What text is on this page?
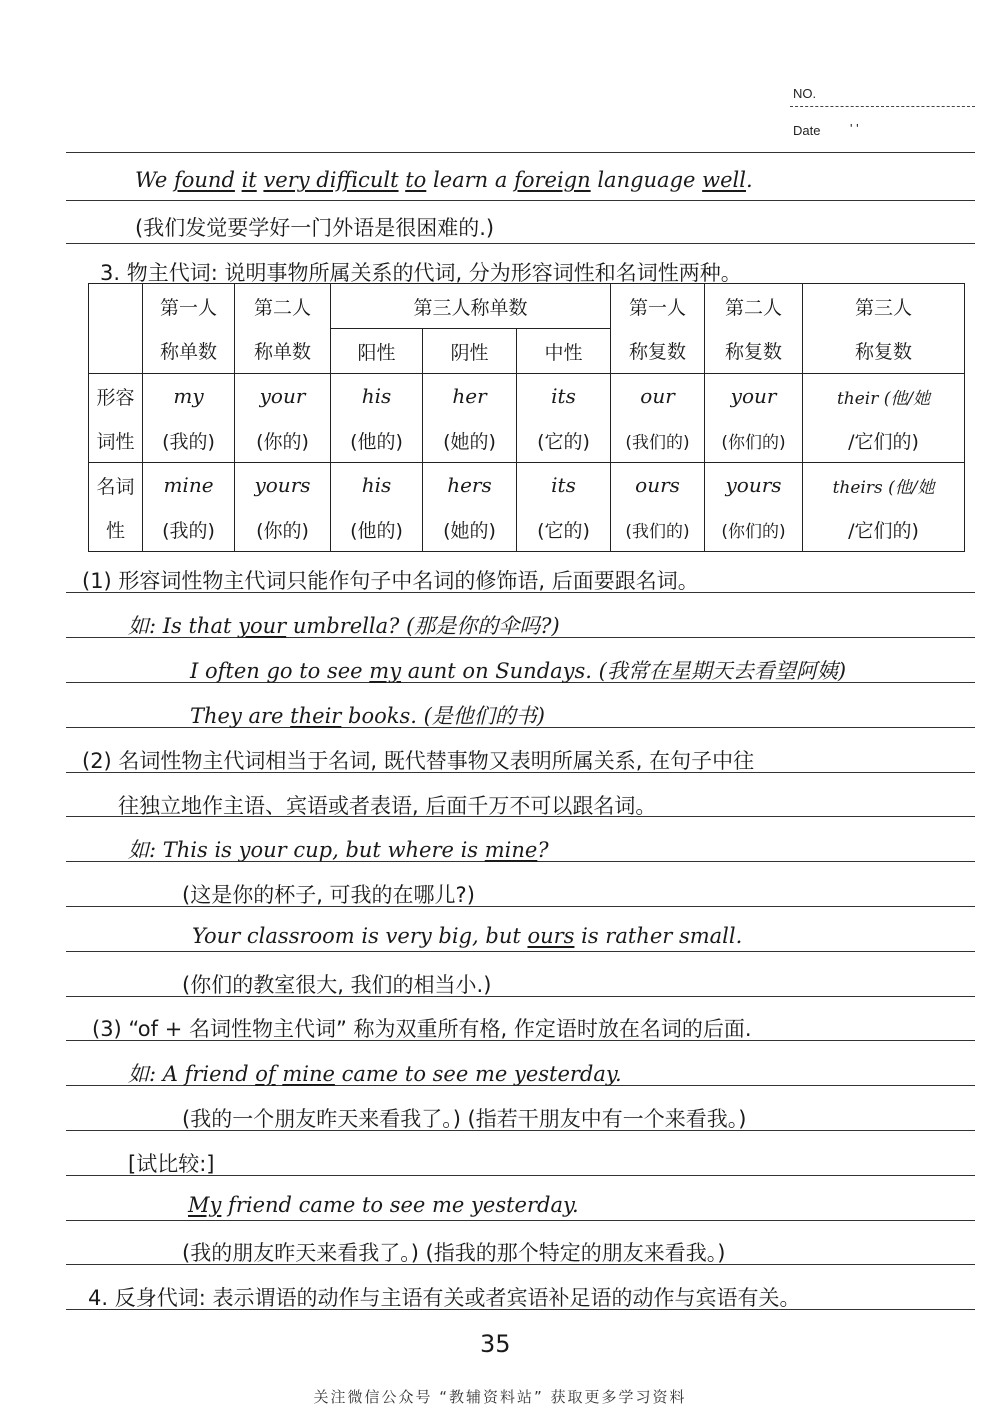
NO.
Date ' '
We found it very difficult to learn a foreign language well.
(我们发觉要学好一门外语是很困难的.)
3. 物主代词: 说明事物所属关系的代词, 分为形容词性和名词性两种。
	第一人	第二人	第三人称单数			第一人	第二人	第三人
	称单数	称单数	阳性	阴性	中性	称复数	称复数	称复数
形容	my	your	his	her	its	our	your	their (他/她
词性	(我的)	(你的)	(他的)	(她的)	(它的)	(我们的)	(你们的)	/它们的)
名词	mine	yours	his	hers	its	ours	yours	theirs (他/她
性	(我的)	(你的)	(他的)	(她的)	(它的)	(我们的)	(你们的)	/它们的)
(1) 形容词性物主代词只能作句子中名词的修饰语, 后面要跟名词。
如: Is that your umbrella? (那是你的伞吗?)
I often go to see my aunt on Sundays. (我常在星期天去看望阿姨)
They are their books. (是他们的书)
(2) 名词性物主代词相当于名词, 既代替事物又表明所属关系, 在句子中往
往独立地作主语、宾语或者表语, 后面千万不可以跟名词。
如: This is your cup, but where is mine?
(这是你的杯子, 可我的在哪儿?)
Your classroom is very big, but ours is rather small.
(你们的教室很大, 我们的相当小.)
(3) “of + 名词性物主代词” 称为双重所有格, 作定语时放在名词的后面.
如: A friend of mine came to see me yesterday.
(我的一个朋友昨天来看我了。) (指若干朋友中有一个来看我。)
[试比较:]
My friend came to see me yesterday.
(我的朋友昨天来看我了。) (指我的那个特定的朋友来看我。)
4. 反身代词: 表示谓语的动作与主语有关或者宾语补足语的动作与宾语有关。
35
关注微信公众号 “教辅资料站” 获取更多学习资料
